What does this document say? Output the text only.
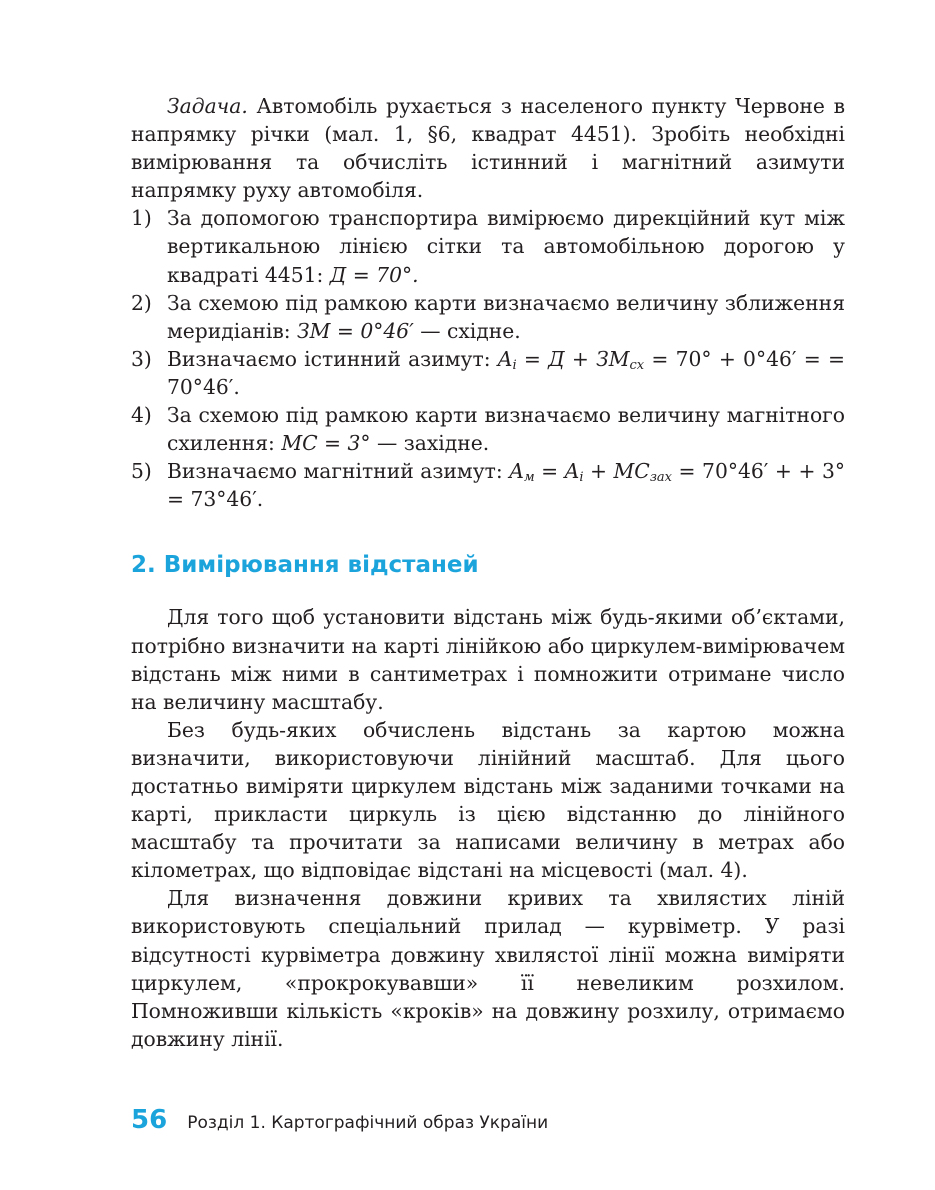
Задача. Автомобіль рухається з населеного пункту Червоне в напрямку річки (мал. 1, §6, квадрат 4451). Зробіть необхідні вимірювання та обчисліть істинний і магнітний азимути напрямку руху автомобіля.

1) За допомогою транспортира вимірюємо дирекційний кут між вертикальною лінією сітки та автомобільною дорогою у квадраті 4451: Д = 70°.
2) За схемою під рамкою карти визначаємо величину зближення меридіанів: ЗМ = 0°46′ — східне.
3) Визначаємо істинний азимут: $A_i = Д + ЗМ_{сх} = 70^\circ + 0^\circ 46'$ = = 70°46′.
4) За схемою під рамкою карти визначаємо величину магнітного схилення: МС = 3° — західне.
5) Визначаємо магнітний азимут: $A_м = A_i + МС_{зах} = 70^\circ 46'$ + + 3° = 73°46′.
2. Вимірювання відстаней

Для того щоб установити відстань між будь-якими об’єктами, потрібно визначити на карті лінійкою або циркулем-вимірювачем відстань між ними в сантиметрах і помножити отримане число на величину масштабу.

Без будь-яких обчислень відстань за картою можна визначити, використовуючи лінійний масштаб. Для цього достатньо виміряти циркулем відстань між заданими точками на карті, прикласти циркуль із цією відстанню до лінійного масштабу та прочитати за написами величину в метрах або кілометрах, що відповідає відстані на місцевості (мал. 4).

Для визначення довжини кривих та хвилястих ліній використовують спеціальний прилад — курвіметр. У разі відсутності курвіметра довжину хвилястої лінії можна виміряти циркулем, «прокрокувавши» її невеликим розхилом. Помноживши кількість «кроків» на довжину розхилу, отримаємо довжину лінії.

56 Розділ 1. Картографічний образ України
